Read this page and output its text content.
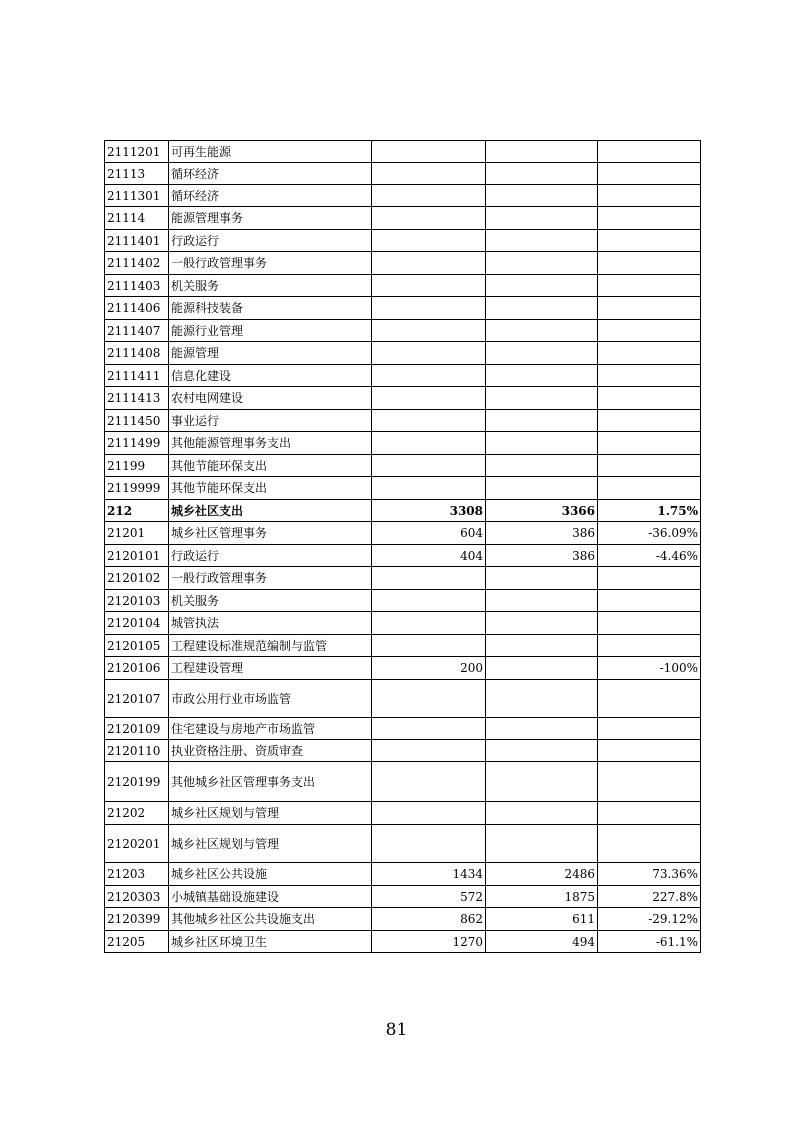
2111201	可再生能源			
21113	循环经济			
2111301	循环经济			
21114	能源管理事务			
2111401	行政运行			
2111402	一般行政管理事务			
2111403	机关服务			
2111406	能源科技装备			
2111407	能源行业管理			
2111408	能源管理			
2111411	信息化建设			
2111413	农村电网建设			
2111450	事业运行			
2111499	其他能源管理事务支出			
21199	其他节能环保支出			
2119999	其他节能环保支出			
212	城乡社区支出	3308	3366	1.75%
21201	城乡社区管理事务	604	386	-36.09%
2120101	行政运行	404	386	-4.46%
2120102	一般行政管理事务			
2120103	机关服务			
2120104	城管执法			
2120105	工程建设标准规范编制与监管			
2120106	工程建设管理	200		-100%
2120107	市政公用行业市场监管			
2120109	住宅建设与房地产市场监管			
2120110	执业资格注册、资质审查			
2120199	其他城乡社区管理事务支出			
21202	城乡社区规划与管理			
2120201	城乡社区规划与管理			
21203	城乡社区公共设施	1434	2486	73.36%
2120303	小城镇基础设施建设	572	1875	227.8%
2120399	其他城乡社区公共设施支出	862	611	-29.12%
21205	城乡社区环境卫生	1270	494	-61.1%
81
